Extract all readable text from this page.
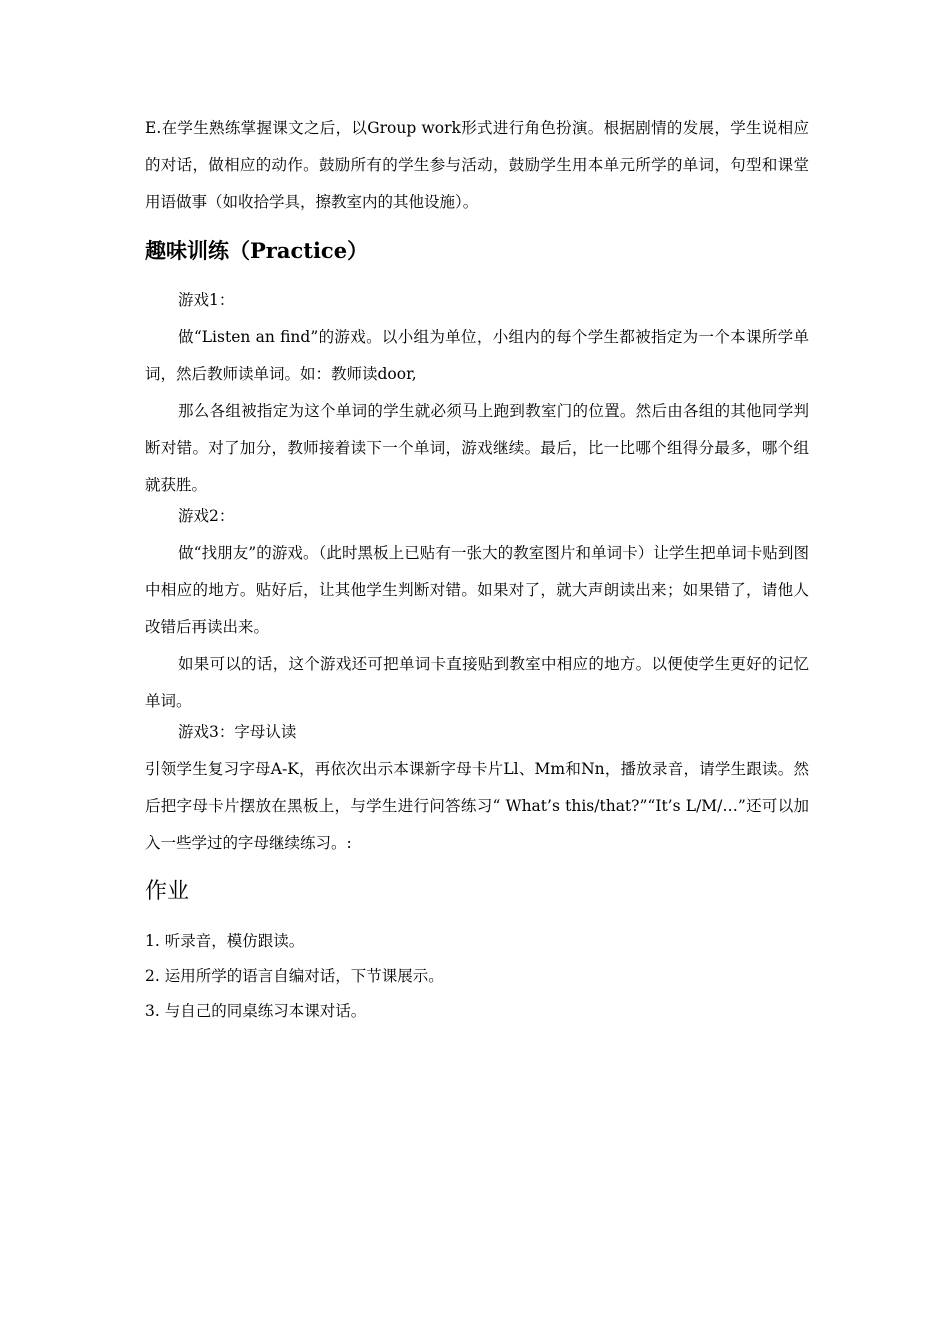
E.在学生熟练掌握课文之后，以Group work形式进行角色扮演。根据剧情的发展，学生说相应的对话，做相应的动作。鼓励所有的学生参与活动，鼓励学生用本单元所学的单词，句型和课堂用语做事（如收拾学具，擦教室内的其他设施）。

趣味训练（Practice）

游戏1：

做“Listen an find”的游戏。以小组为单位，小组内的每个学生都被指定为一个本课所学单词，然后教师读单词。如：教师读door,

那么各组被指定为这个单词的学生就必须马上跑到教室门的位置。然后由各组的其他同学判断对错。对了加分，教师接着读下一个单词，游戏继续。最后，比一比哪个组得分最多，哪个组就获胜。

游戏2：

做“找朋友”的游戏。（此时黑板上已贴有一张大的教室图片和单词卡）让学生把单词卡贴到图中相应的地方。贴好后，让其他学生判断对错。如果对了，就大声朗读出来；如果错了，请他人改错后再读出来。

如果可以的话，这个游戏还可把单词卡直接贴到教室中相应的地方。以便使学生更好的记忆单词。

游戏3：字母认读

引领学生复习字母A-K，再依次出示本课新字母卡片Ll、Mm和Nn，播放录音，请学生跟读。然后把字母卡片摆放在黑板上，与学生进行问答练习“ What’s this/that?”“It’s L/M/…”还可以加入一些学过的字母继续练习。:

作业

1. 听录音，模仿跟读。

2. 运用所学的语言自编对话，下节课展示。

3. 与自己的同桌练习本课对话。
